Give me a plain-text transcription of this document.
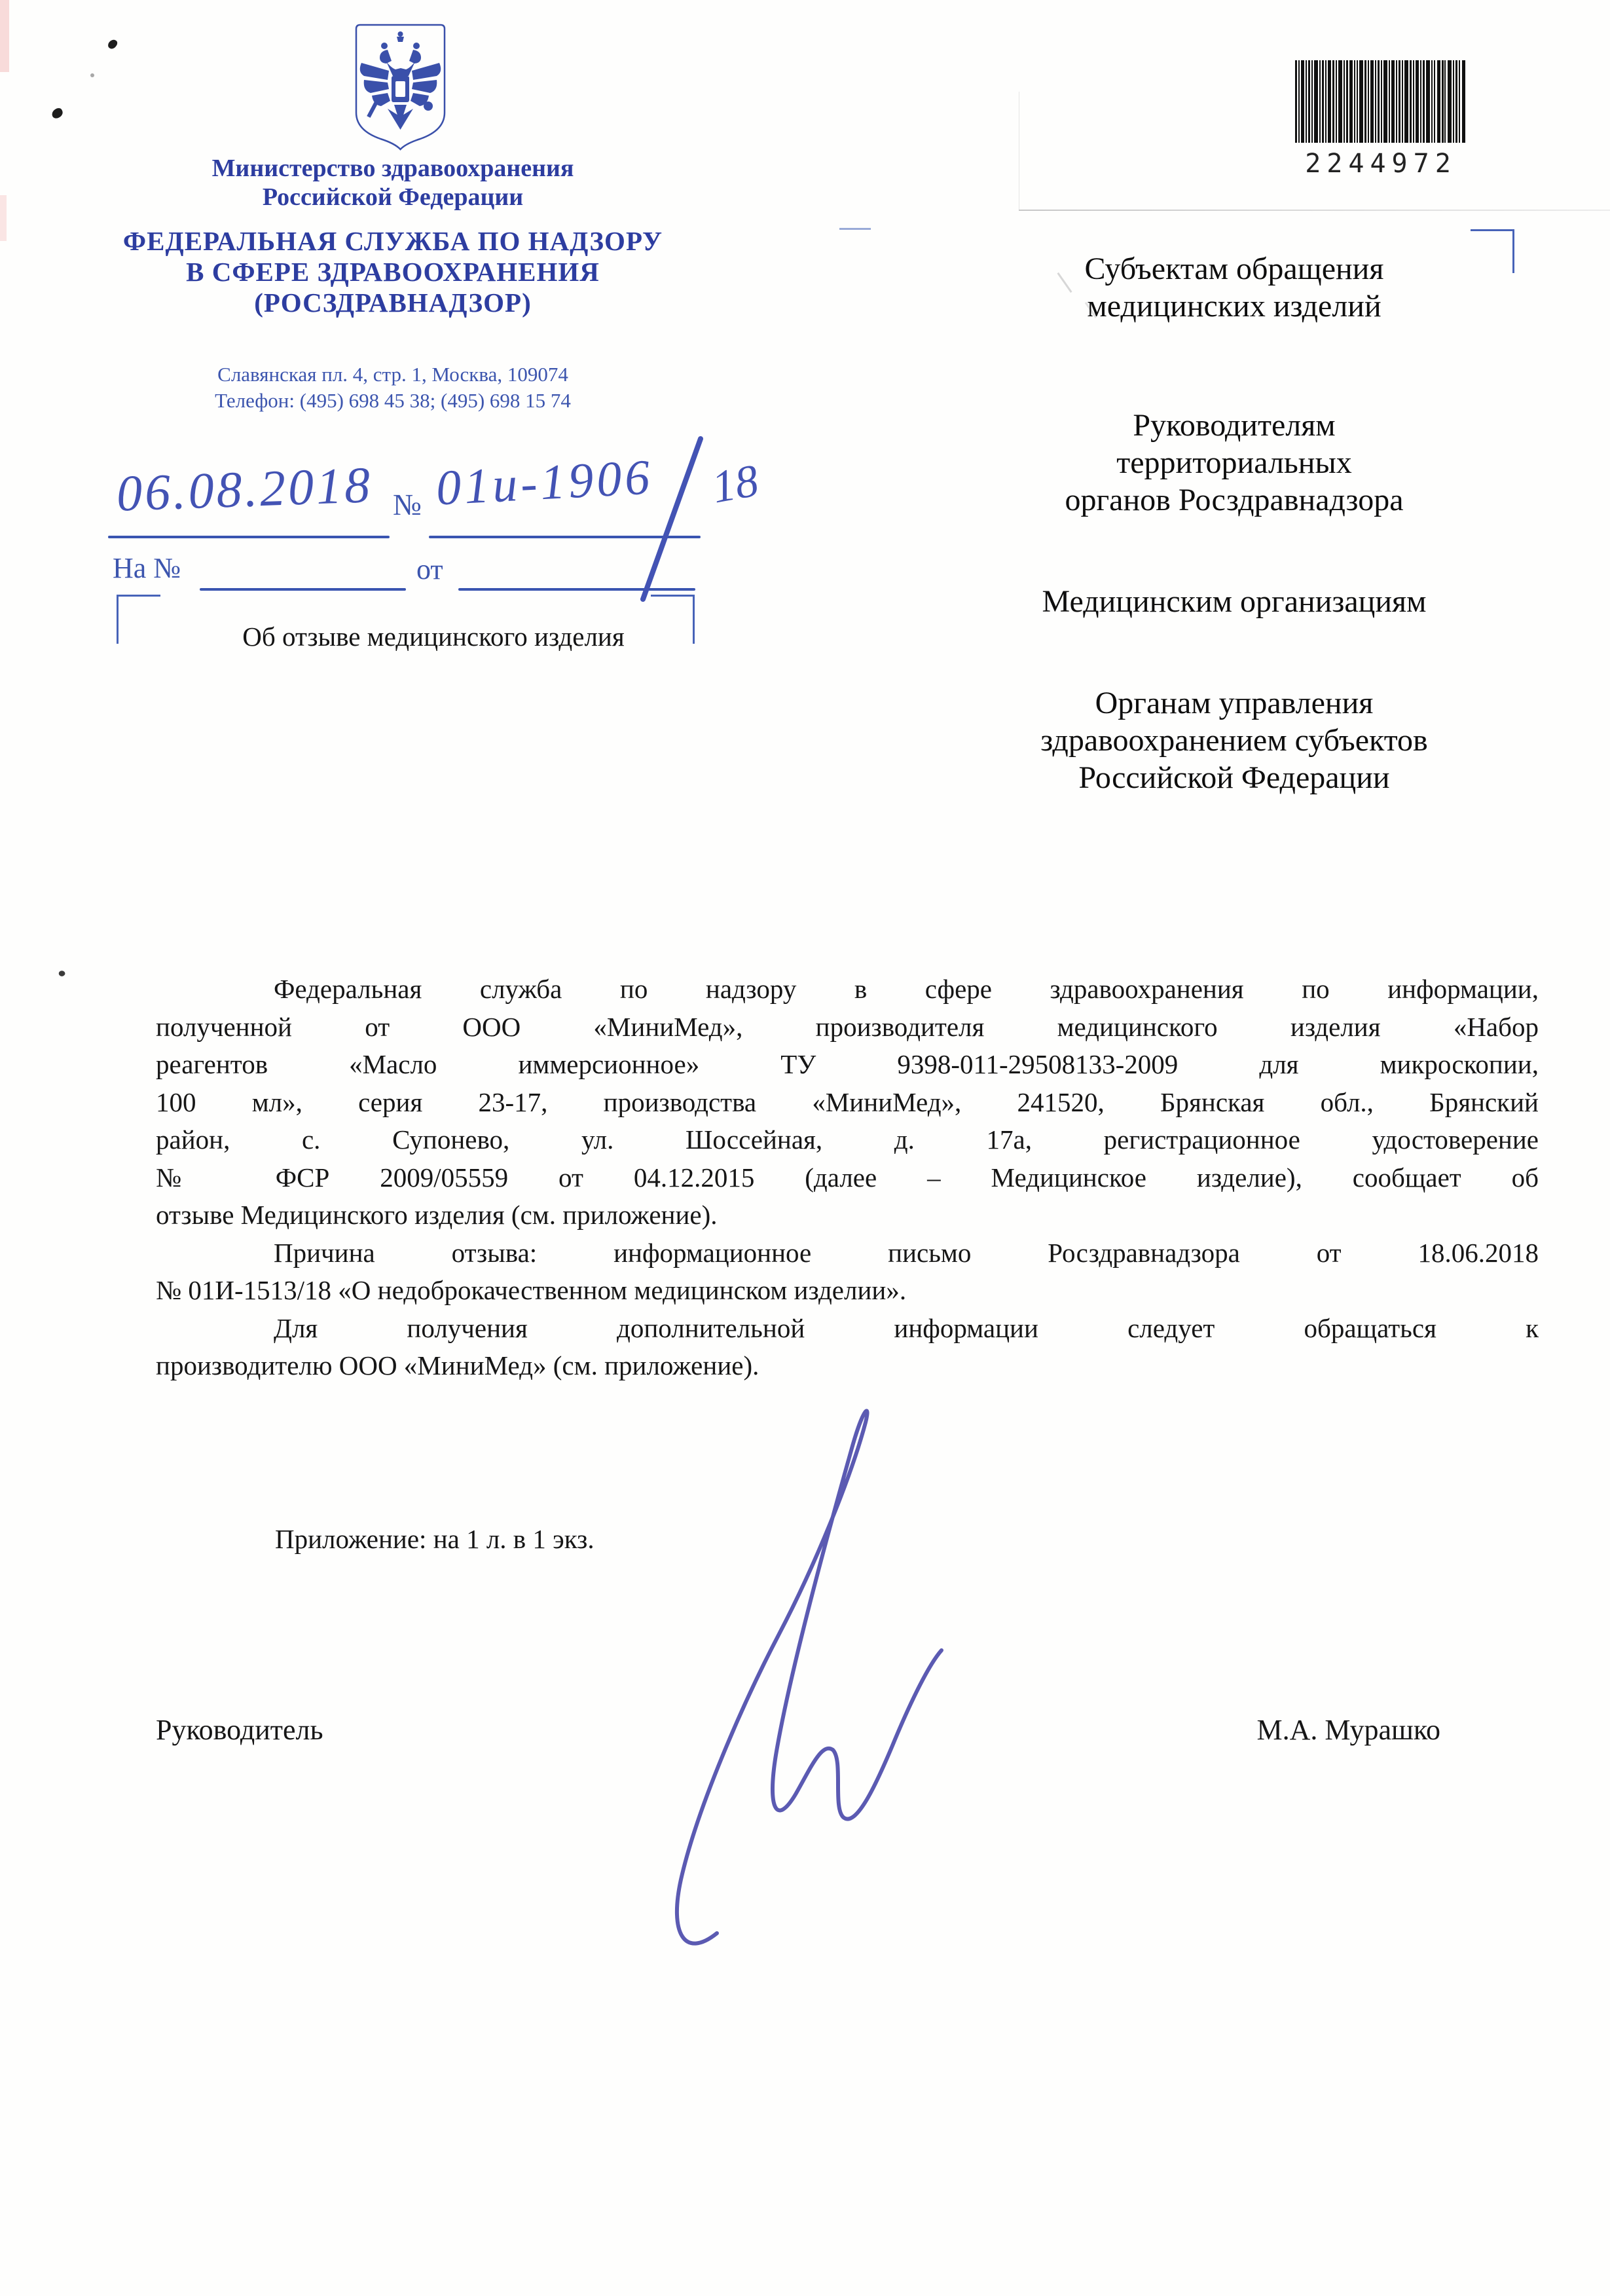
Министерство здравоохранения
Российской Федерации
ФЕДЕРАЛЬНАЯ СЛУЖБА ПО НАДЗОРУ
В СФЕРЕ ЗДРАВООХРАНЕНИЯ
(РОСЗДРАВНАДЗОР)
Славянская пл. 4, стр. 1, Москва, 109074
Телефон: (495) 698 45 38; (495) 698 15 74
2244972
06.08.2018 № 01и-1906 18
На №	от
Об отзыве медицинского изделия
Субъектам обращения
медицинских изделий
Руководителям
территориальных
органов Росздравнадзора
Медицинским организациям
Органам управления
здравоохранением субъектов
Российской Федерации
Федеральная служба по надзору в сфере здравоохранения по информации,
полученной от ООО «МиниМед», производителя медицинского изделия «Набор
реагентов «Масло иммерсионное» ТУ 9398-011-29508133-2009 для микроскопии,
100 мл», серия 23-17, производства «МиниМед», 241520, Брянская обл., Брянский
район, с. Супонево, ул. Шоссейная, д. 17а, регистрационное удостоверение
№ ФСР 2009/05559 от 04.12.2015 (далее – Медицинское изделие), сообщает об
отзыве Медицинского изделия (см. приложение).
Причина отзыва: информационное письмо Росздравнадзора от 18.06.2018
№ 01И-1513/18 «О недоброкачественном медицинском изделии».
Для получения дополнительной информации следует обращаться к
производителю ООО «МиниМед» (см. приложение).
Приложение: на 1 л. в 1 экз.
Руководитель	М.А. Мурашко
